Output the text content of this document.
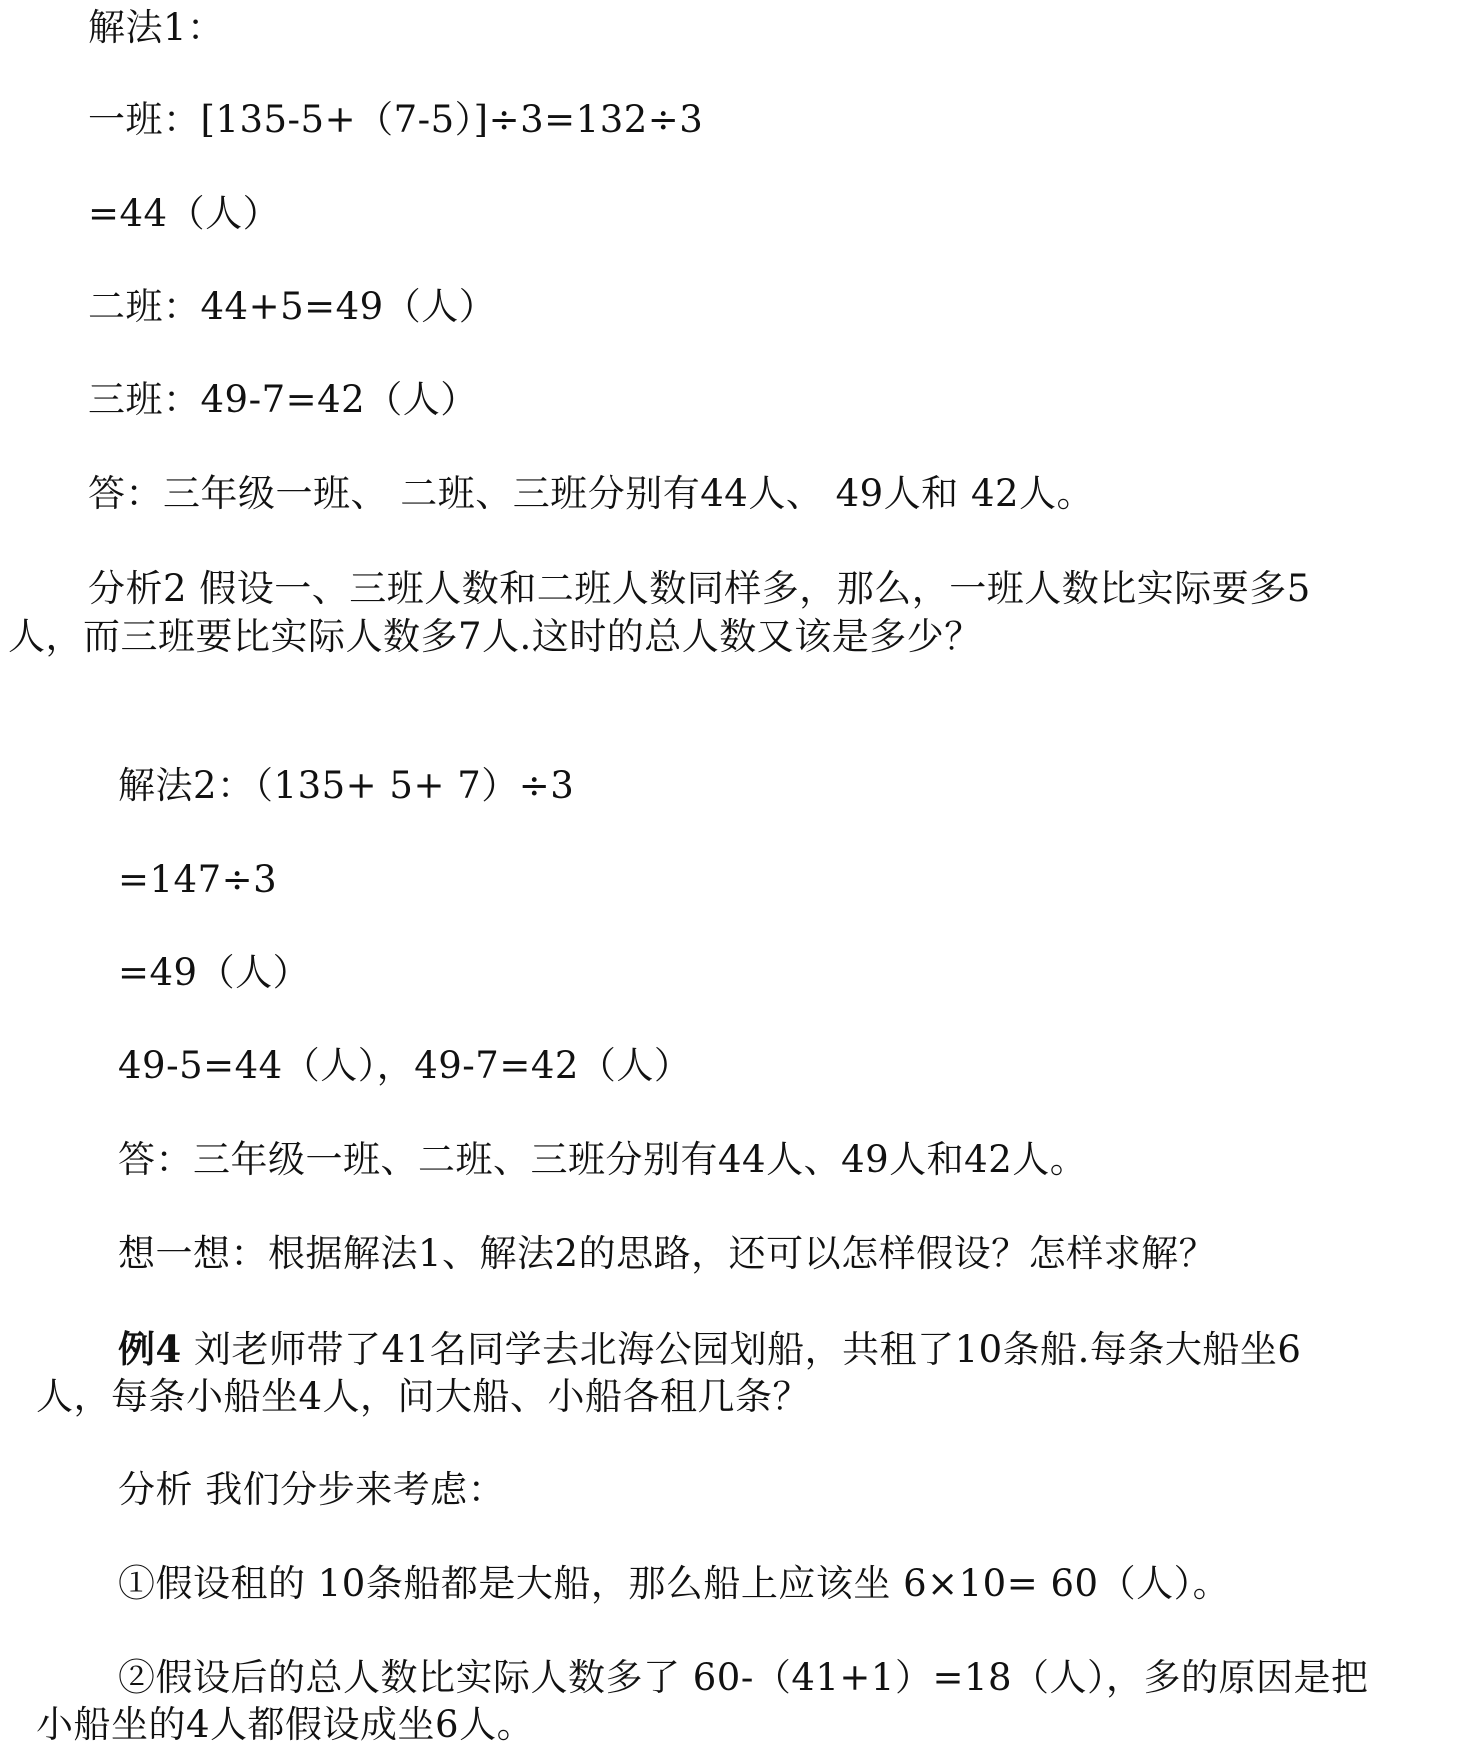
解法1：
一班：[135-5+（7-5）]÷3=132÷3
=44（人）
二班：44+5=49（人）
三班：49-7=42（人）
答：三年级一班、 二班、三班分别有44人、 49人和 42人。
分析2 假设一、三班人数和二班人数同样多，那么，一班人数比实际要多5
人，而三班要比实际人数多7人.这时的总人数又该是多少？
解法2：（135+ 5+ 7）÷3
=147÷3
=49（人）
49-5=44（人），49-7=42（人）
答：三年级一班、二班、三班分别有44人、49人和42人。
想一想：根据解法1、解法2的思路，还可以怎样假设？怎样求解？
例4 刘老师带了41名同学去北海公园划船，共租了10条船.每条大船坐6
人，每条小船坐4人，问大船、小船各租几条？
分析 我们分步来考虑：
①假设租的 10条船都是大船，那么船上应该坐 6×10= 60（人）。
②假设后的总人数比实际人数多了 60-（41+1）=18（人），多的原因是把
小船坐的4人都假设成坐6人。
